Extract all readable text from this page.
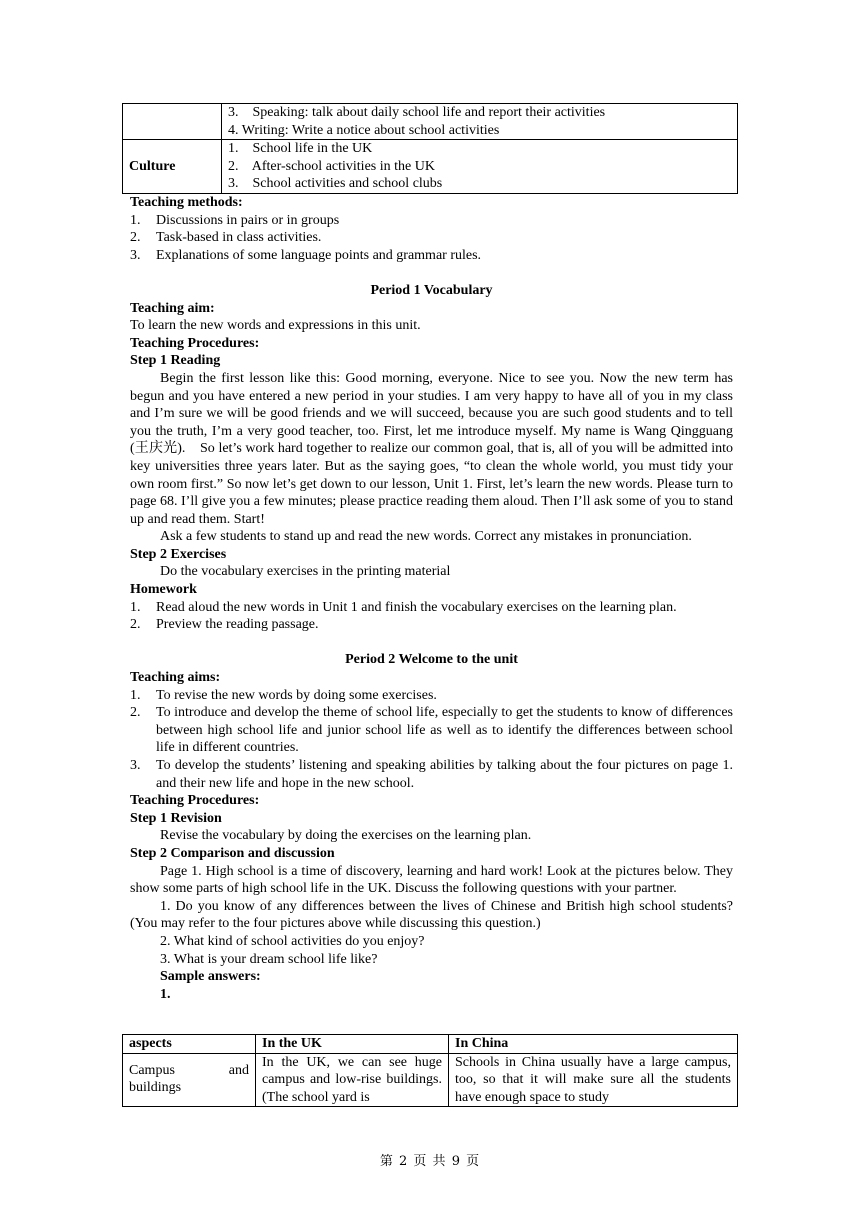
	3.    Speaking: talk about daily school life and report their activities
4. Writing: Write a notice about school activities

Culture	1.    School life in the UK
2.    After-school activities in the UK
3.    School activities and school clubs
Teaching methods:
1. Discussions in pairs or in groups
2. Task-based in class activities.
3. Explanations of some language points and grammar rules.
Period 1 Vocabulary
Teaching aim:
To learn the new words and expressions in this unit.
Teaching Procedures:
Step 1 Reading
Begin the first lesson like this: Good morning, everyone. Nice to see you. Now the new term has begun and you have entered a new period in your studies. I am very happy to have all of you in my class and I’m sure we will be good friends and we will succeed, because you are such good students and to tell you the truth, I’m a very good teacher, too. First, let me introduce myself. My name is Wang Qingguang (王庆光).    So let’s work hard together to realize our common goal, that is, all of you will be admitted into key universities three years later. But as the saying goes, “to clean the whole world, you must tidy your own room first.” So now let’s get down to our lesson, Unit 1. First, let’s learn the new words. Please turn to page 68. I’ll give you a few minutes; please practice reading them aloud. Then I’ll ask some of you to stand up and read them. Start!
Ask a few students to stand up and read the new words. Correct any mistakes in pronunciation.
Step 2 Exercises
Do the vocabulary exercises in the printing material
Homework
1. Read aloud the new words in Unit 1 and finish the vocabulary exercises on the learning plan.
2. Preview the reading passage.
Period 2 Welcome to the unit
Teaching aims:
1. To revise the new words by doing some exercises.
2. To introduce and develop the theme of school life, especially to get the students to know of differences between high school life and junior school life as well as to identify the differences between school life in different countries.
3. To develop the students’ listening and speaking abilities by talking about the four pictures on page 1. and their new life and hope in the new school.
Teaching Procedures:
Step 1 Revision
Revise the vocabulary by doing the exercises on the learning plan.
Step 2 Comparison and discussion
Page 1. High school is a time of discovery, learning and hard work! Look at the pictures below. They show some parts of high school life in the UK. Discuss the following questions with your partner.
1. Do you know of any differences between the lives of Chinese and British high school students? (You may refer to the four pictures above while discussing this question.)
2. What kind of school activities do you enjoy?
3. What is your dream school life like?
Sample answers:
1.
aspects	In the UK	In China

Campus and buildings	In the UK, we can see huge campus and low-rise buildings. (The school yard is	Schools in China usually have a large campus, too, so that it will make sure all the students have enough space to study
第 2 页 共 9 页
